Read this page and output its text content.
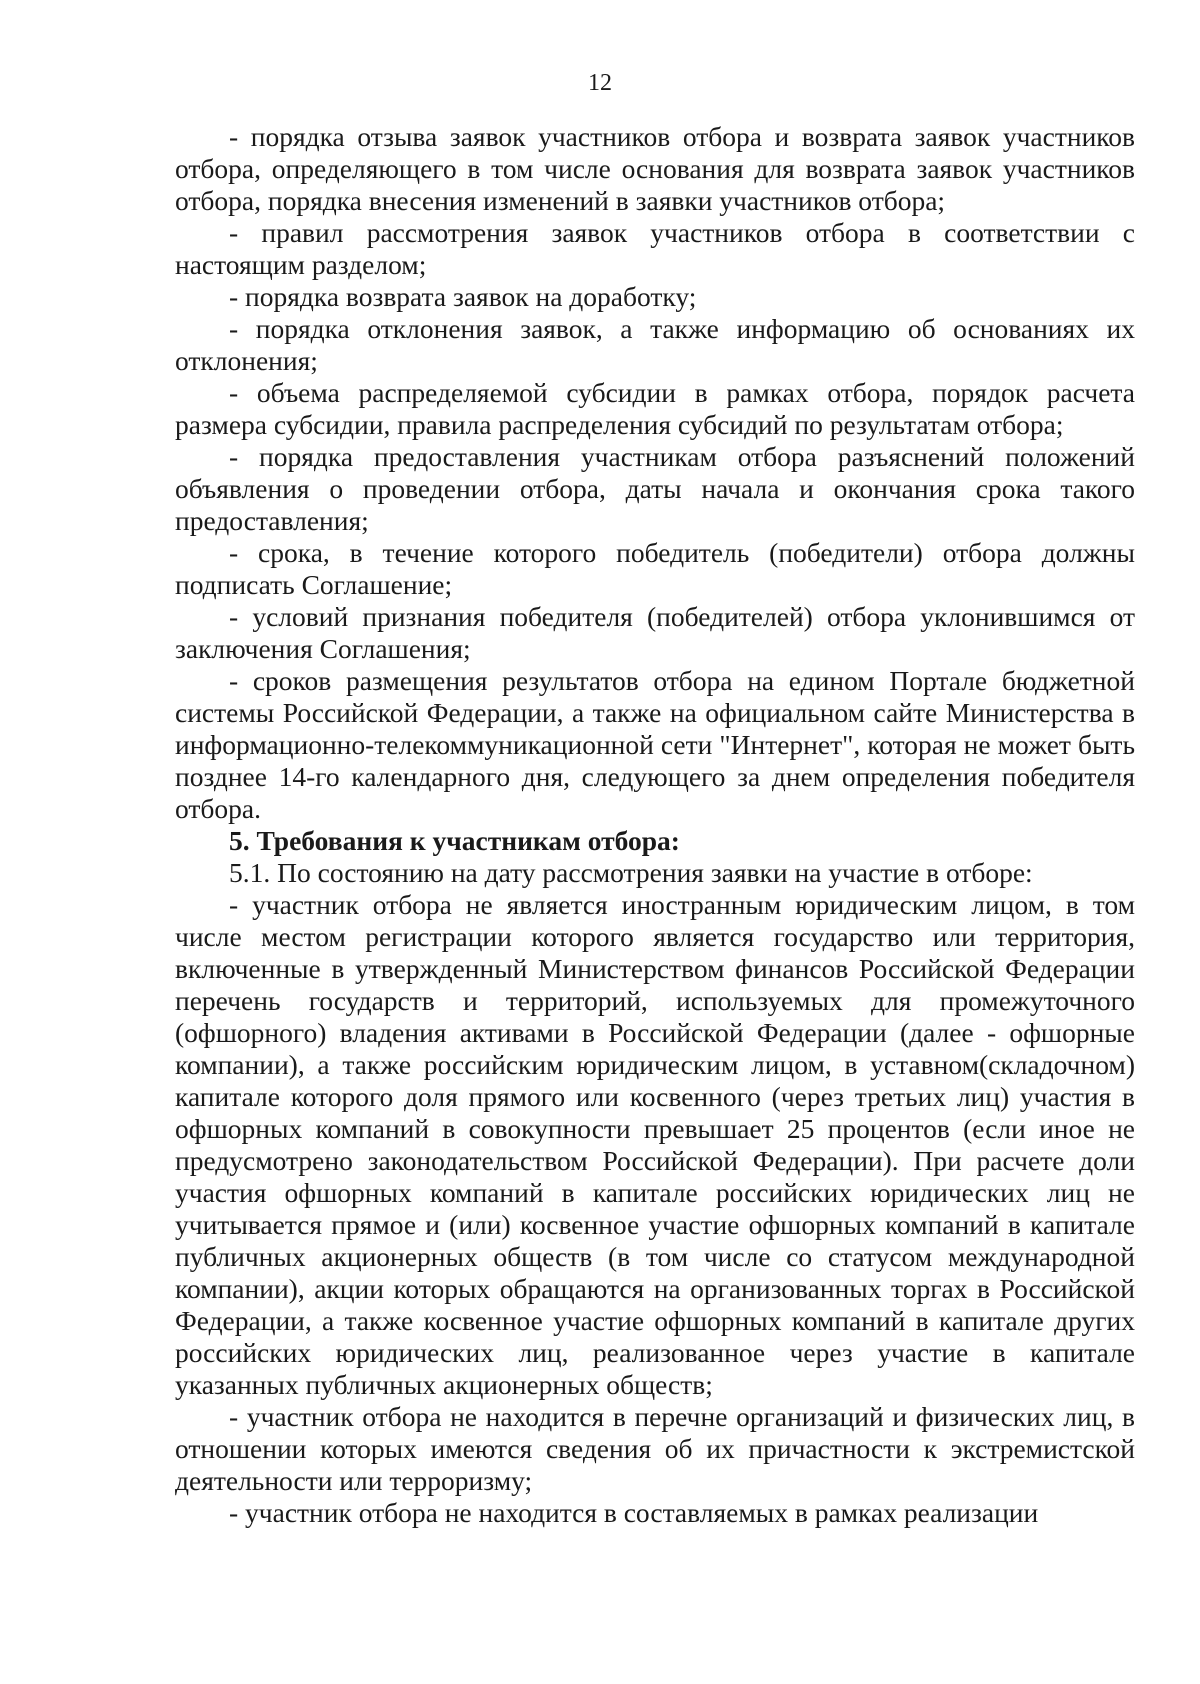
12

- порядка отзыва заявок участников отбора и возврата заявок участников отбора, определяющего в том числе основания для возврата заявок участников отбора, порядка внесения изменений в заявки участников отбора;

- правил рассмотрения заявок участников отбора в соответствии с настоящим разделом;

- порядка возврата заявок на доработку;

- порядка отклонения заявок, а также информацию об основаниях их отклонения;

- объема распределяемой субсидии в рамках отбора, порядок расчета размера субсидии, правила распределения субсидий по результатам отбора;

- порядка предоставления участникам отбора разъяснений положений объявления о проведении отбора, даты начала и окончания срока такого предоставления;

- срока, в течение которого победитель (победители) отбора должны подписать Соглашение;

- условий признания победителя (победителей) отбора уклонившимся от заключения Соглашения;

- сроков размещения результатов отбора на едином Портале бюджетной системы Российской Федерации, а также на официальном сайте Министерства в информационно-телекоммуникационной сети "Интернет", которая не может быть позднее 14-го календарного дня, следующего за днем определения победителя отбора.

5. Требования к участникам отбора:

5.1. По состоянию на дату рассмотрения заявки на участие в отборе:

- участник отбора не является иностранным юридическим лицом, в том числе местом регистрации которого является государство или территория, включенные в утвержденный Министерством финансов Российской Федерации перечень государств и территорий, используемых для промежуточного (офшорного) владения активами в Российской Федерации (далее - офшорные компании), а также российским юридическим лицом, в уставном(складочном) капитале которого доля прямого или косвенного (через третьих лиц) участия в офшорных компаний в совокупности превышает 25 процентов (если иное не предусмотрено законодательством Российской Федерации). При расчете доли участия офшорных компаний в капитале российских юридических лиц не учитывается прямое и (или) косвенное участие офшорных компаний в капитале публичных акционерных обществ (в том числе со статусом международной компании), акции которых обращаются на организованных торгах в Российской Федерации, а также косвенное участие офшорных компаний в капитале других российских юридических лиц, реализованное через участие в капитале указанных публичных акционерных обществ;

- участник отбора не находится в перечне организаций и физических лиц, в отношении которых имеются сведения об их причастности к экстремистской деятельности или терроризму;

- участник отбора не находится в составляемых в рамках реализации
